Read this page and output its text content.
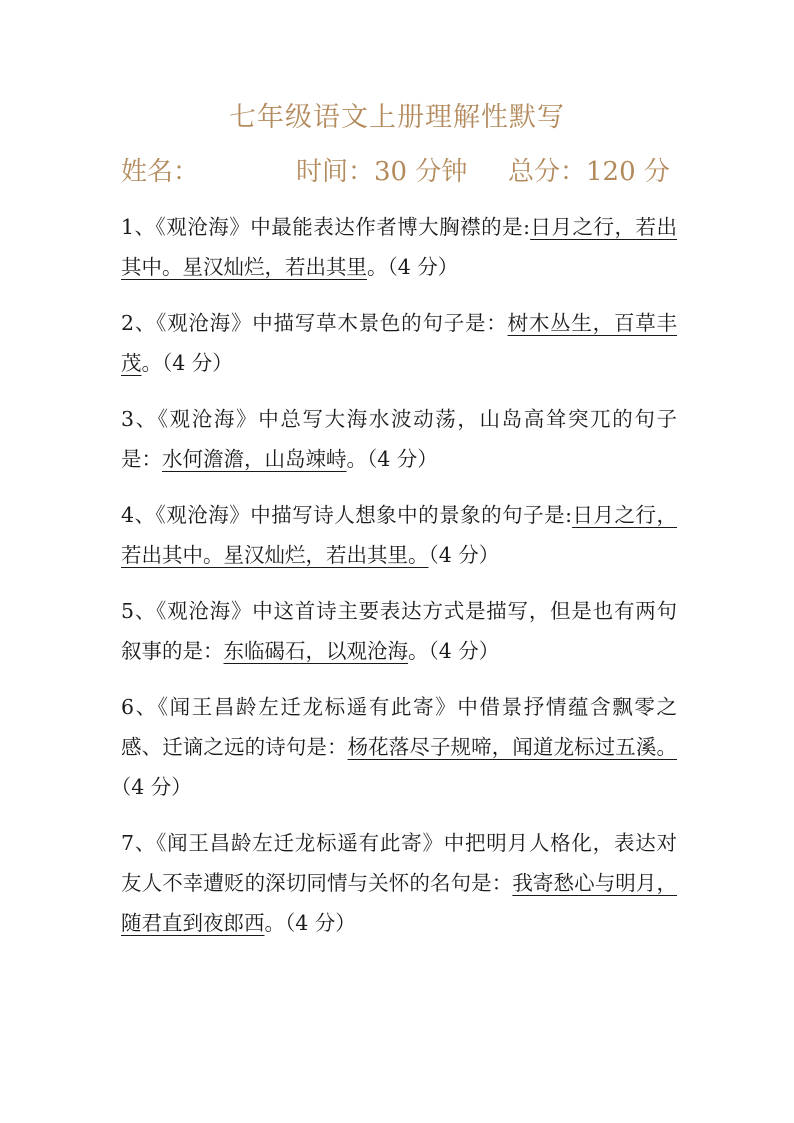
七年级语文上册理解性默写
姓名：	时间：30 分钟 总分：120 分

1、《观沧海》中最能表达作者博大胸襟的是:日月之行，若出其中。星汉灿烂，若出其里。（4 分）

2、《观沧海》中描写草木景色的句子是：树木丛生，百草丰茂。（4 分）

3、《观沧海》中总写大海水波动荡，山岛高耸突兀的句子是：水何澹澹，山岛竦峙。（4 分）

4、《观沧海》中描写诗人想象中的景象的句子是:日月之行，若出其中。星汉灿烂，若出其里。（4 分）

5、《观沧海》中这首诗主要表达方式是描写，但是也有两句叙事的是：东临碣石，以观沧海。（4 分）

6、《闻王昌龄左迁龙标遥有此寄》中借景抒情蕴含飘零之感、迁谪之远的诗句是：杨花落尽子规啼，闻道龙标过五溪。（4 分）

7、《闻王昌龄左迁龙标遥有此寄》中把明月人格化，表达对友人不幸遭贬的深切同情与关怀的名句是：我寄愁心与明月，随君直到夜郎西。（4 分）
